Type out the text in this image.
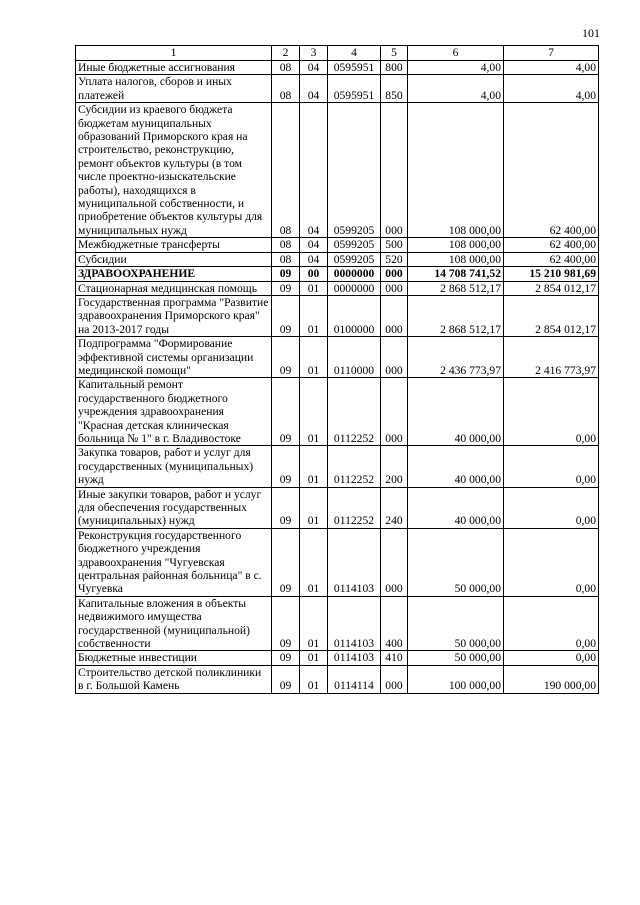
101
1	2	3	4	5	6	7
Иные бюджетные ассигнования	08	04	0595951	800	4,00	4,00
Уплата налогов, сборов и иных платежей	08	04	0595951	850	4,00	4,00
Субсидии из краевого бюджета бюджетам муниципальных образований Приморского края на строительство, реконструкцию, ремонт объектов культуры (в том числе проектно-изыскательские работы), находящихся в муниципальной собственности, и приобретение объектов культуры для муниципальных нужд	08	04	0599205	000	108 000,00	62 400,00
Межбюджетные трансферты	08	04	0599205	500	108 000,00	62 400,00
Субсидии	08	04	0599205	520	108 000,00	62 400,00
ЗДРАВООХРАНЕНИЕ	09	00	0000000	000	14 708 741,52	15 210 981,69
Стационарная медицинская помощь	09	01	0000000	000	2 868 512,17	2 854 012,17
Государственная программа "Развитие здравоохранения Приморского края" на 2013-2017 годы	09	01	0100000	000	2 868 512,17	2 854 012,17
Подпрограмма "Формирование эффективной системы организации медицинской помощи"	09	01	0110000	000	2 436 773,97	2 416 773,97
Капитальный ремонт государственного бюджетного учреждения здравоохранения "Красная детская клиническая больница № 1" в г. Владивостоке	09	01	0112252	000	40 000,00	0,00
Закупка товаров, работ и услуг для государственных (муниципальных) нужд	09	01	0112252	200	40 000,00	0,00
Иные закупки товаров, работ и услуг для обеспечения государственных (муниципальных) нужд	09	01	0112252	240	40 000,00	0,00
Реконструкция государственного бюджетного учреждения здравоохранения "Чугуевская центральная районная больница" в с. Чугуевка	09	01	0114103	000	50 000,00	0,00
Капитальные вложения в объекты недвижимого имущества государственной (муниципальной) собственности	09	01	0114103	400	50 000,00	0,00
Бюджетные инвестиции	09	01	0114103	410	50 000,00	0,00
Строительство детской поликлиники в г. Большой Камень	09	01	0114114	000	100 000,00	190 000,00
